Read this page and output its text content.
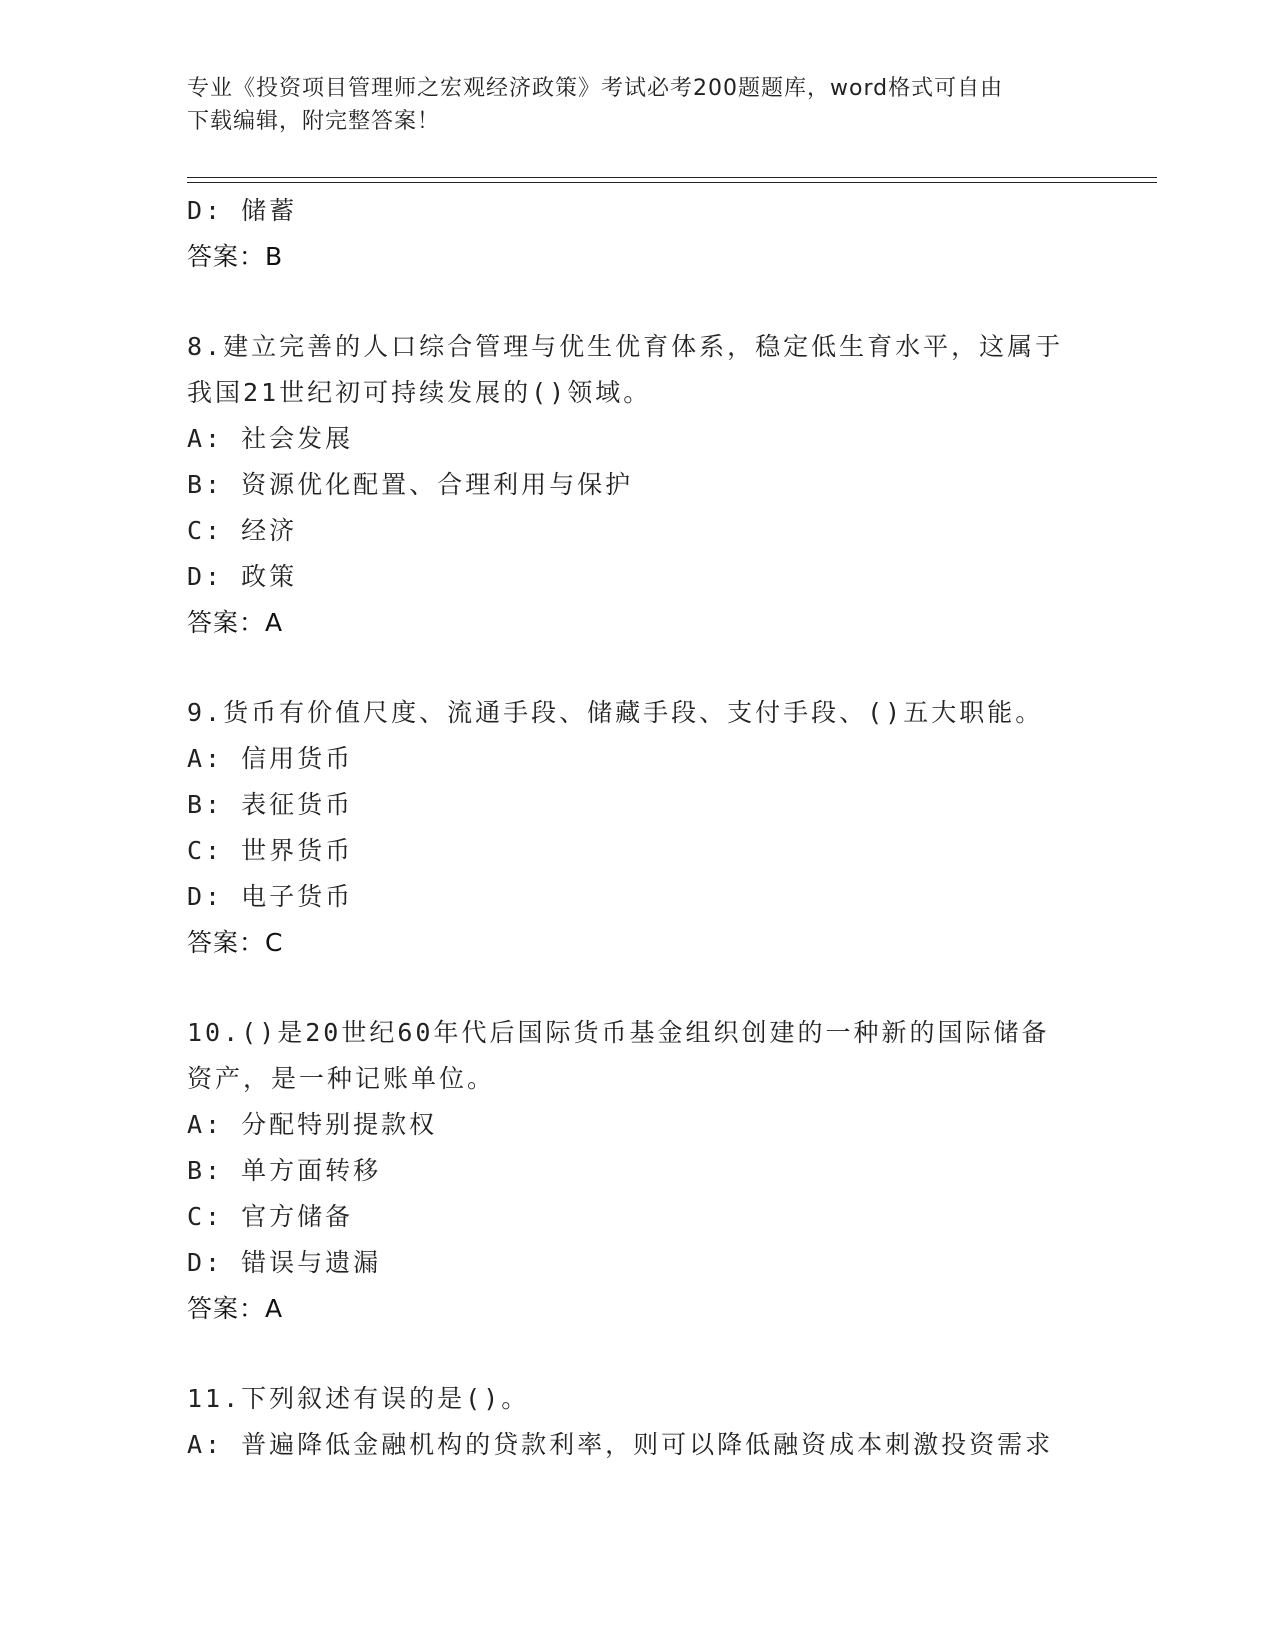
专业《投资项目管理师之宏观经济政策》考试必考200题题库，word格式可自由
下载编辑，附完整答案！
D: 储蓄
答案：B
8.建立完善的人口综合管理与优生优育体系，稳定低生育水平，这属于我国21世纪初可持续发展的()领域。
A: 社会发展
B: 资源优化配置、合理利用与保护
C: 经济
D: 政策
答案：A
9.货币有价值尺度、流通手段、储藏手段、支付手段、()五大职能。
A: 信用货币
B: 表征货币
C: 世界货币
D: 电子货币
答案：C
10.()是20世纪60年代后国际货币基金组织创建的一种新的国际储备资产，是一种记账单位。
A: 分配特别提款权
B: 单方面转移
C: 官方储备
D: 错误与遗漏
答案：A
11.下列叙述有误的是()。
A: 普遍降低金融机构的贷款利率，则可以降低融资成本刺激投资需求
